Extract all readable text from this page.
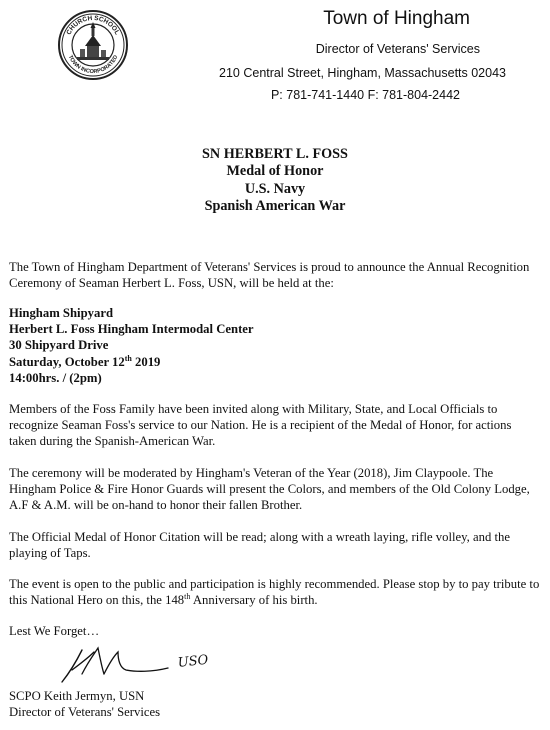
CHURCH SCHOOL
TOWN INCORPORATED
Town of Hingham
Director of Veterans' Services
210 Central Street, Hingham, Massachusetts 02043
P: 781-741-1440 F: 781-804-2442
SN HERBERT L. FOSS
Medal of Honor
U.S. Navy
Spanish American War
The Town of Hingham Department of Veterans' Services is proud to announce the Annual Recognition Ceremony of Seaman Herbert L. Foss, USN, will be held at the:
Hingham Shipyard
Herbert L. Foss Hingham Intermodal Center
30 Shipyard Drive
Saturday, October 12th 2019
14:00hrs. / (2pm)
Members of the Foss Family have been invited along with Military, State, and Local Officials to recognize Seaman Foss's service to our Nation. He is a recipient of the Medal of Honor, for actions taken during the Spanish-American War.
The ceremony will be moderated by Hingham's Veteran of the Year (2018), Jim Claypoole. The Hingham Police & Fire Honor Guards will present the Colors, and members of the Old Colony Lodge, A.F & A.M. will be on-hand to honor their fallen Brother.
The Official Medal of Honor Citation will be read; along with a wreath laying, rifle volley, and the playing of Taps.
The event is open to the public and participation is highly recommended. Please stop by to pay tribute to this National Hero on this, the 148th Anniversary of his birth.
Lest We Forget…
USO
SCPO Keith Jermyn, USN
Director of Veterans' Services
